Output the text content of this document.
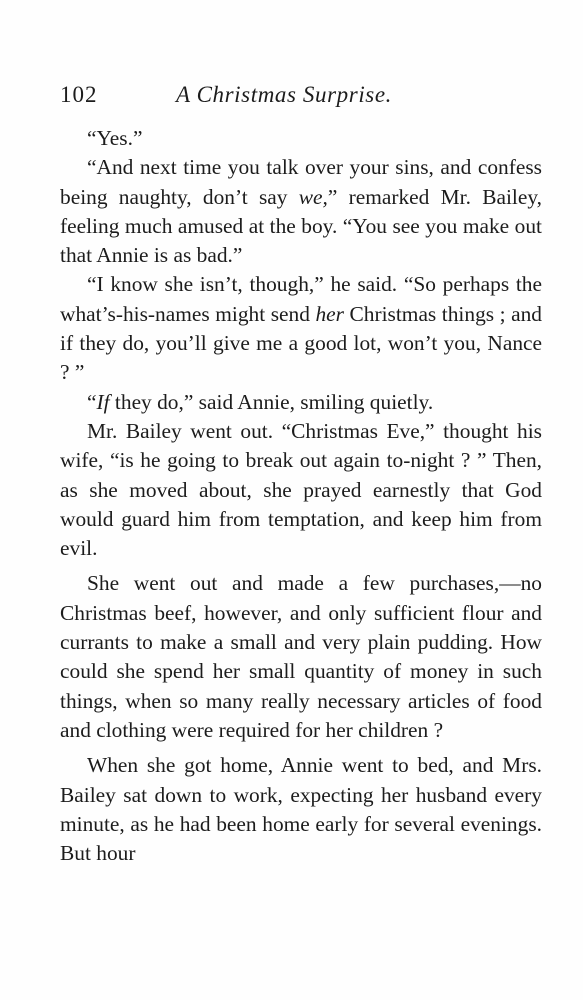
102	A Christmas Surprise.

“Yes.”

“And next time you talk over your sins, and confess being naughty, don’t say we,” remarked Mr. Bailey, feeling much amused at the boy. “You see you make out that Annie is as bad.”

“I know she isn’t, though,” he said. “So perhaps the what’s-his-names might send her Christmas things ; and if they do, you’ll give me a good lot, won’t you, Nance ? ”

“If they do,” said Annie, smiling quietly.

Mr. Bailey went out. “Christmas Eve,” thought his wife, “is he going to break out again to-night ? ” Then, as she moved about, she prayed earnestly that God would guard him from temptation, and keep him from evil.

She went out and made a few purchases,—no Christmas beef, however, and only sufficient flour and currants to make a small and very plain pudding. How could she spend her small quantity of money in such things, when so many really necessary articles of food and clothing were required for her children ?

When she got home, Annie went to bed, and Mrs. Bailey sat down to work, expecting her husband every minute, as he had been home early for several evenings. But hour
